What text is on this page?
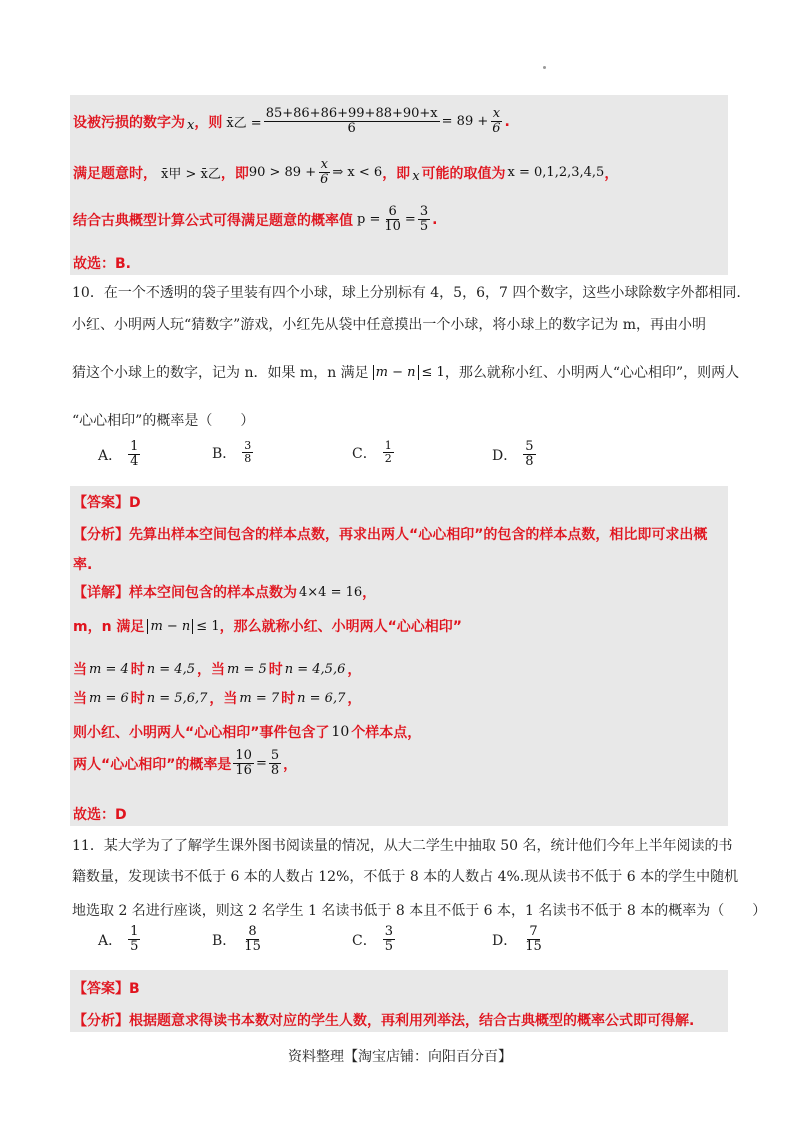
设被污损的数字为 x ，则 x̄乙 = $\frac{85+86+86+99+88+90+x}{6} = 89 + \frac{x}{6}$ .
满足题意时， x̄甲 > x̄乙 ，即 $90 > 89 + \frac{x}{6}$ ⇒ x < 6 ，即 x 可能的取值为 x = 0,1,2,3,4,5 ，
结合古典概型计算公式可得满足题意的概率值 $p = \frac{6}{10} = \frac{3}{5}$ .
故选：B.
10．在一个不透明的袋子里装有四个小球，球上分别标有 4，5，6，7 四个数字，这些小球除数字外都相同.
小红、小明两人玩“猜数字”游戏，小红先从袋中任意摸出一个小球，将小球上的数字记为 m，再由小明
猜这个小球上的数字，记为 n．如果 m，n 满足 m − n ≤ 1 ，那么就称小红、小明两人“心心相印”，则两人
“心心相印”的概率是（　　）
A． $\frac{1}{4}$	B． $\frac{3}{8}$	C． $\frac{1}{2}$	D． $\frac{5}{8}$
【答案】D
【分析】先算出样本空间包含的样本点数，再求出两人“心心相印”的包含的样本点数，相比即可求出概
率.
【详解】样本空间包含的样本点数为 4×4 = 16 ，
m，n 满足 m − n ≤ 1 ，那么就称小红、小明两人“心心相印”
当 m = 4 时 n = 4,5 ，当 m = 5 时 n = 4,5,6 ，
当 m = 6 时 n = 5,6,7 ，当 m = 7 时 n = 6,7 ，
则小红、小明两人“心心相印”事件包含了 10 个样本点，
两人“心心相印”的概率是 $\frac{10}{16} = \frac{5}{8}$ ，
故选：D
11．某大学为了了解学生课外图书阅读量的情况，从大二学生中抽取 50 名，统计他们今年上半年阅读的书
籍数量，发现读书不低于 6 本的人数占 12%，不低于 8 本的人数占 4%.现从读书不低于 6 本的学生中随机
地选取 2 名进行座谈，则这 2 名学生 1 名读书低于 8 本且不低于 6 本，1 名读书不低于 8 本的概率为（　　）
A． $\frac{1}{5}$	B． $\frac{8}{15}$	C． $\frac{3}{5}$	D． $\frac{7}{15}$
【答案】B
【分析】根据题意求得读书本数对应的学生人数，再利用列举法，结合古典概型的概率公式即可得解.
资料整理【淘宝店铺：向阳百分百】
